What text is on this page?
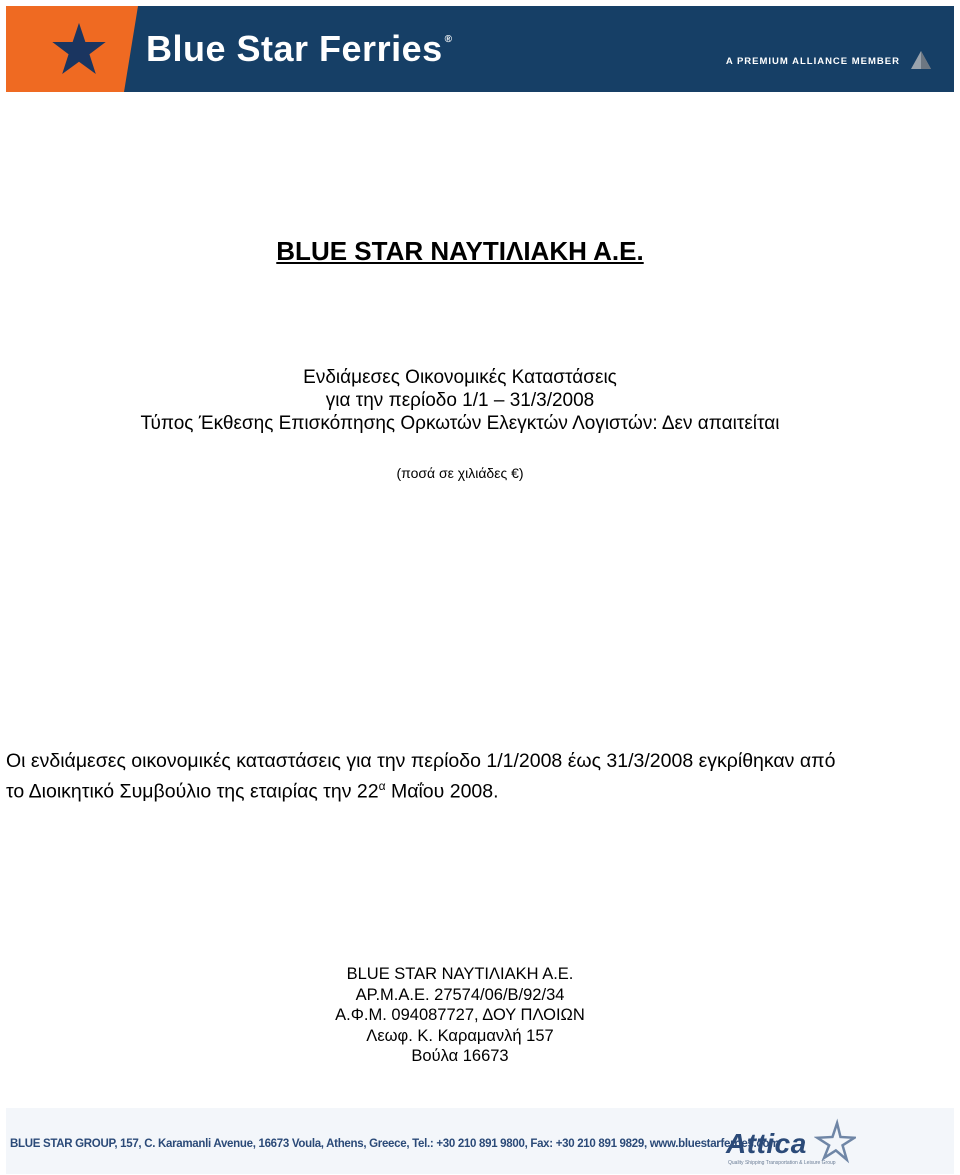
Blue Star Ferries ®
A PREMIUM ALLIANCE MEMBER
BLUE STAR ΝΑΥΤΙΛΙΑΚΗ Α.Ε.
Ενδιάμεσες Οικονομικές Καταστάσεις
για την περίοδο 1/1 – 31/3/2008
Τύπος Έκθεσης Επισκόπησης Ορκωτών Ελεγκτών Λογιστών: Δεν απαιτείται
(ποσά σε χιλιάδες €)
Οι ενδιάμεσες οικονομικές καταστάσεις για την περίοδο 1/1/2008 έως 31/3/2008 εγκρίθηκαν από
το Διοικητικό Συμβούλιο της εταιρίας την $22^\alpha$ Μαΐου 2008.
BLUE STAR ΝΑΥΤΙΛΙΑΚΗ Α.Ε.
ΑΡ.Μ.Α.Ε. 27574/06/Β/92/34
Α.Φ.Μ. 094087727, ΔΟΥ ΠΛΟΙΩΝ
Λεωφ. Κ. Καραμανλή 157
Βούλα 16673
BLUE STAR GROUP, 157, C. Karamanli Avenue, 16673 Voula, Athens, Greece, Tel.: +30 210 891 9800, Fax: +30 210 891 9829, www.bluestarferries.com
Attica
Quality Shipping Transportation & Leisure Group
